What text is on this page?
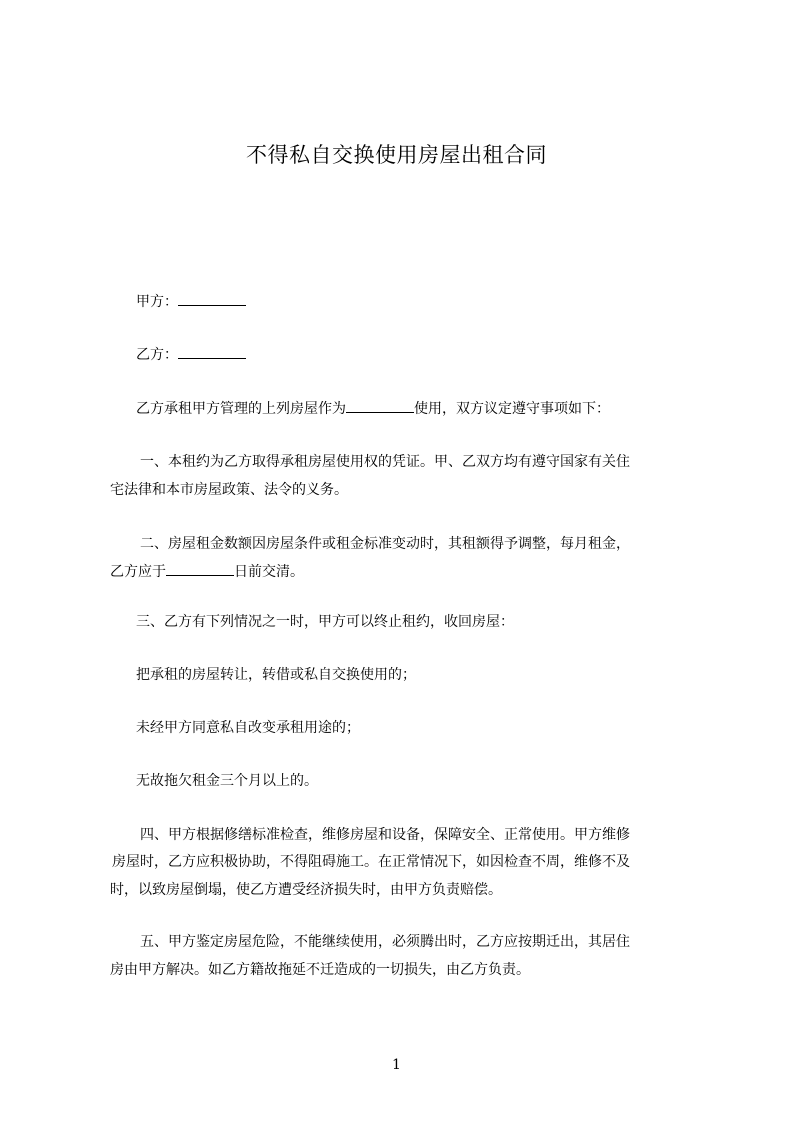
不得私自交换使用房屋出租合同
甲方：
乙方：
乙方承租甲方管理的上列房屋作为	使用，双方议定遵守事项如下：
一、本租约为乙方取得承租房屋使用权的凭证。甲、乙双方均有遵守国家有关住
宅法律和本市房屋政策、法令的义务。
二、房屋租金数额因房屋条件或租金标准变动时，其租额得予调整，每月租金，
乙方应于	日前交清。
三、乙方有下列情况之一时，甲方可以终止租约，收回房屋：
把承租的房屋转让，转借或私自交换使用的；
未经甲方同意私自改变承租用途的；
无故拖欠租金三个月以上的。
四、甲方根据修缮标准检查，维修房屋和设备，保障安全、正常使用。甲方维修
房屋时，乙方应积极协助，不得阻碍施工。在正常情况下，如因检查不周，维修不及
时，以致房屋倒塌，使乙方遭受经济损失时，由甲方负责赔偿。
五、甲方鉴定房屋危险，不能继续使用，必须腾出时，乙方应按期迁出，其居住
房由甲方解决。如乙方籍故拖延不迁造成的一切损失，由乙方负责。
1
